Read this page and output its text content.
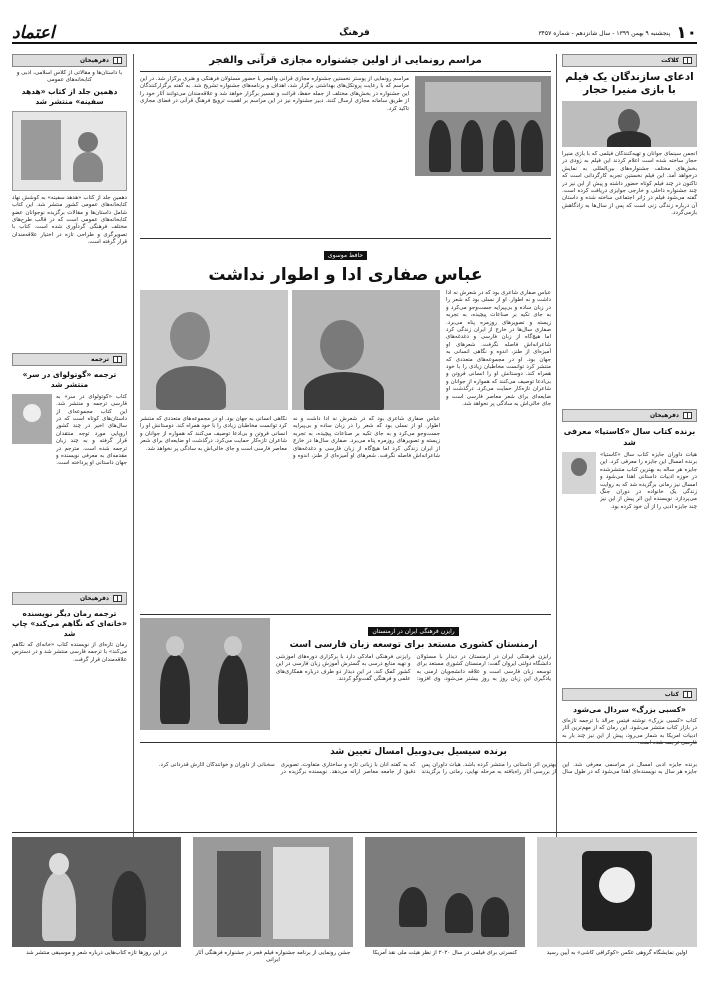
اعتماد	فرهنگ	۱۰
پنجشنبه ۹ بهمن ۱۳۹۹ - سال شانزدهم - شماره ۳۴۵۷
کلاکت
ادعای سازندگان یک فیلم با بازی منیرا حجار
انجمن سینمای جوانان و تهیه‌کنندگان فیلمی که با بازی منیرا حجار ساخته شده است اعلام کردند این فیلم به زودی در بخش‌های مختلف جشنواره‌های بین‌المللی به نمایش درخواهد آمد. این فیلم نخستین تجربه کارگردانی است که تاکنون در چند فیلم کوتاه حضور داشته و پیش از این نیز در چند جشنواره داخلی و خارجی جوایزی دریافت کرده است. گفته می‌شود فیلم در ژانر اجتماعی ساخته شده و داستان آن درباره زندگی زنی است که پس از سال‌ها به زادگاهش بازمی‌گردد.
دفرهیخان
برنده کتاب سال «کاستیا» معرفی شد
هیات داوران جایزه کتاب سال «کاستیا» برنده امسال این جایزه را معرفی کرد. این جایزه هر ساله به بهترین کتاب منتشرشده در حوزه ادبیات داستانی اهدا می‌شود و امسال نیز رمانی برگزیده شد که به روایت زندگی یک خانواده در دوران جنگ می‌پردازد. نویسنده این اثر پیش از این نیز چند جایزه ادبی را از آن خود کرده بود.
کتاب
«کسبی بزرگ» سردال می‌شود
کتاب «کسبی بزرگ» نوشته فیتس جرالد با ترجمه تازه‌ای در بازار کتاب منتشر می‌شود. این رمان که از مهم‌ترین آثار ادبیات امریکا به شمار می‌رود، پیش از این نیز چند بار به فارسی ترجمه شده است.
دفرهیخان
با داستان‌ها و مقالاتی از کلاس اسلامی، ادبی و کتابخانه‌های عمومی
دهمین جلد از کتاب «هدهد سفینه» منتشر شد
دهمین جلد از کتاب «هدهد سفینه» به کوشش نهاد کتابخانه‌های عمومی کشور منتشر شد. این کتاب شامل داستان‌ها و مقالات برگزیده نوجوانان عضو کتابخانه‌های عمومی است که در قالب طرح‌های مختلف فرهنگی گردآوری شده است. کتاب با تصویرگری و طراحی تازه در اختیار علاقه‌مندان قرار گرفته است.
ترجمه
ترجمه «گوتولوای در سر» منتشر شد
کتاب «گوتولوای در سر» به فارسی ترجمه و منتشر شد. این کتاب مجموعه‌ای از داستان‌های کوتاه است که در سال‌های اخیر در چند کشور اروپایی مورد توجه منتقدان قرار گرفته و به چند زبان ترجمه شده است. مترجم در مقدمه‌ای به معرفی نویسنده و جهان داستانی او پرداخته است.
دفرهیخان
ترجمه رمان دیگر نویسنده «خانه‌ای که نگاهم می‌کند» چاپ شد
رمان تازه‌ای از نویسنده کتاب «خانه‌ای که نگاهم می‌کند» با ترجمه فارسی منتشر شد و در دسترس علاقه‌مندان قرار گرفت.
مراسم رونمایی از اولین جشنواره مجازی قرآنی والفجر
مراسم رونمایی از پوستر نخستین جشنواره مجازی قرآنی والفجر با حضور مسئولان فرهنگی و هنری برگزار شد. در این مراسم که با رعایت پروتکل‌های بهداشتی برگزار شد، اهداف و برنامه‌های جشنواره تشریح شد. به گفته برگزارکنندگان این جشنواره در بخش‌های مختلف از جمله حفظ، قرائت و تفسیر برگزار خواهد شد و علاقه‌مندان می‌توانند آثار خود را از طریق سامانه مجازی ارسال کنند. دبیر جشنواره نیز در این مراسم بر اهمیت ترویج فرهنگ قرآنی در فضای مجازی تاکید کرد.
حافظ موسوی
عباس صفاری ادا و اطوار نداشت
عباس صفاری شاعری بود که در شعرش نه ادا داشت و نه اطوار. او از نسلی بود که شعر را در زبان ساده و بی‌پیرایه جست‌وجو می‌کرد و به جای تکیه بر صناعات پیچیده، به تجربه زیسته و تصویرهای روزمره پناه می‌برد. صفاری سال‌ها در خارج از ایران زندگی کرد اما هیچ‌گاه از زبان فارسی و دغدغه‌های شاعرانه‌اش فاصله نگرفت. شعرهای او آمیزه‌ای از طنز، اندوه و نگاهی انسانی به جهان بود. او در مجموعه‌های متعددی که منتشر کرد توانست مخاطبان زیادی را با خود همراه کند. دوستانش او را انسانی فروتن و بی‌ادعا توصیف می‌کنند که همواره از جوانان و شاعران تازه‌کار حمایت می‌کرد. درگذشت او ضایعه‌ای برای شعر معاصر فارسی است و جای خالی‌اش به سادگی پر نخواهد شد.
عباس صفاری شاعری بود که در شعرش نه ادا داشت و نه اطوار. او از نسلی بود که شعر را در زبان ساده و بی‌پیرایه جست‌وجو می‌کرد و به جای تکیه بر صناعات پیچیده، به تجربه زیسته و تصویرهای روزمره پناه می‌برد. صفاری سال‌ها در خارج از ایران زندگی کرد اما هیچ‌گاه از زبان فارسی و دغدغه‌های شاعرانه‌اش فاصله نگرفت. شعرهای او آمیزه‌ای از طنز، اندوه و نگاهی انسانی به جهان بود. او در مجموعه‌های متعددی که منتشر کرد توانست مخاطبان زیادی را با خود همراه کند. دوستانش او را انسانی فروتن و بی‌ادعا توصیف می‌کنند که همواره از جوانان و شاعران تازه‌کار حمایت می‌کرد. درگذشت او ضایعه‌ای برای شعر معاصر فارسی است و جای خالی‌اش به سادگی پر نخواهد شد.
رایزن فرهنگی ایران در ارمنستان
ارمنستان کشوری مستعد برای توسعه زبان فارسی است
رایزن فرهنگی ایران در ارمنستان در دیدار با مسئولان دانشگاه دولتی ایروان گفت: ارمنستان کشوری مستعد برای توسعه زبان فارسی است و علاقه دانشجویان ارمنی به یادگیری این زبان روز به روز بیشتر می‌شود. وی افزود: رایزنی فرهنگی آمادگی دارد با برگزاری دوره‌های آموزشی و تهیه منابع درسی به گسترش آموزش زبان فارسی در این کشور کمک کند. در این دیدار دو طرف درباره همکاری‌های علمی و فرهنگی گفت‌وگو کردند.
برنده سیسیل بی‌دوبیل امسال تعیین شد
برنده جایزه ادبی امسال در مراسمی معرفی شد. این جایزه هر سال به نویسنده‌ای اهدا می‌شود که در طول سال بهترین اثر داستانی را منتشر کرده باشد. هیات داوران پس از بررسی آثار راه‌یافته به مرحله نهایی، رمانی را برگزیدند که به گفته آنان با زبانی تازه و ساختاری متفاوت، تصویری دقیق از جامعه معاصر ارائه می‌دهد. نویسنده برگزیده در سخنانی از داوران و خوانندگان آثارش قدردانی کرد.
اولین نمایشگاه گروهی عکس «کوکرافی کاشی» به آیین رسید
کنسرتی برای فیلمی در سال ۲۰۲۰ از نظر هیئت ملی نقد آمریکا
جشن رونمایی از برنامه جشنواره فیلم فجر در جشنواره فرهنگی آثار ایرانی
در این روزها تازه کتاب‌هایی درباره شعر و موسیقی منتشر شد
